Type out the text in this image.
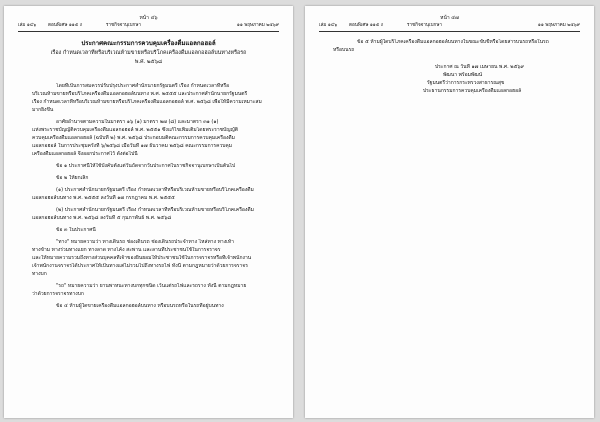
หน้า ๔๖
เล่ม ๑๔๖	ตอนพิเศษ ๑๑๕ ง	ราชกิจจานุเบกษา	๑๑ พฤษภาคม ๒๕๖๙
ประกาศคณะกรรมการควบคุมเครื่องดื่มแอลกอฮอล์
เรื่อง กำหนดเวลาที่หรือบริเวณห้ามขายหรือบริโภคเครื่องดื่มแอลกอฮอล์บนทางหรือรถ
พ.ศ. ๒๕๖๘
โดยที่เป็นการสมควรปรับปรุงประกาศสำนักนายกรัฐมนตรี เรื่อง กำหนดเวลาที่หรือ
บริเวณห้ามขายหรือบริโภคเครื่องดื่มแอลกอฮอล์บนทาง พ.ศ. ๒๕๕๕ และประกาศสำนักนายกรัฐมนตรี
เรื่อง กำหนดเวลาที่หรือบริเวณห้ามขายหรือบริโภคเครื่องดื่มแอลกอฮอล์ พ.ศ. ๒๕๖๘ เพื่อให้มีความเหมาะสม
มากยิ่งขึ้น
อาศัยอำนาจตามความในมาตรา ๑๖ (๑) มาตรา ๒๗ (๘) และมาตรา ๓๑ (๑)
แห่งพระราชบัญญัติควบคุมเครื่องดื่มแอลกอฮอล์ พ.ศ. ๒๕๕๑ ซึ่งแก้ไขเพิ่มเติมโดยพระราชบัญญัติ
ควบคุมเครื่องดื่มแอลกอฮอล์ (ฉบับที่ ๒) พ.ศ. ๒๕๖๘ ประกอบมติคณะกรรมการควบคุมเครื่องดื่ม
แอลกอฮอล์ ในการประชุมครั้งที่ ๖/๒๕๖๘ เมื่อวันที่ ๑๗ ธันวาคม ๒๕๖๘ คณะกรรมการควบคุม
เครื่องดื่มแอลกอฮอล์ จึงออกประกาศไว้ ดังต่อไปนี้
ข้อ ๑ ประกาศนี้ให้ใช้บังคับตั้งแต่วันถัดจากวันประกาศในราชกิจจานุเบกษาเป็นต้นไป
ข้อ ๒ ให้ยกเลิก
(๑) ประกาศสำนักนายกรัฐมนตรี เรื่อง กำหนดเวลาที่หรือบริเวณห้ามขายหรือบริโภคเครื่องดื่ม
แอลกอฮอล์บนทาง พ.ศ. ๒๕๕๕ ลงวันที่ ๑๗ กรกฎาคม พ.ศ. ๒๕๕๕
(๒) ประกาศสำนักนายกรัฐมนตรี เรื่อง กำหนดเวลาที่หรือบริเวณห้ามขายหรือบริโภคเครื่องดื่ม
แอลกอฮอล์บนทาง พ.ศ. ๒๕๖๘ ลงวันที่ ๕ กุมภาพันธ์ พ.ศ. ๒๕๖๘
ข้อ ๓ ในประกาศนี้
"ทาง" หมายความว่า ทางเดินรถ ช่องเดินรถ ช่องเดินรถประจำทาง ไหล่ทาง ทางเท้า
ทางข้าม ทางร่วมทางแยก ทางลาด ทางโค้ง สะพาน และลานที่ประชาชนใช้ในการจราจร
และให้หมายความรวมถึงทางส่วนบุคคลที่เจ้าของยินยอมให้ประชาชนใช้ในการจราจรหรือที่เจ้าพนักงาน
เจ้าพนักงานจราจรได้ประกาศให้เป็นทางแต่ไม่รวมไปถึงทางรถไฟ ทั้งนี้ ตามกฎหมายว่าด้วยการจราจร
ทางบก
"รถ" หมายความว่า ยานพาหนะทางบกทุกชนิด เว้นแต่รถไฟและรถราง ทั้งนี้ ตามกฎหมาย
ว่าด้วยการจราจรทางบก
ข้อ ๔ ห้ามผู้ใดขายเครื่องดื่มแอลกอฮอล์บนทาง หรือบนรถหรือในรถที่อยู่บนทาง
หน้า ๔๗
เล่ม ๑๔๖	ตอนพิเศษ ๑๑๕ ง	ราชกิจจานุเบกษา	๑๑ พฤษภาคม ๒๕๖๙
ข้อ ๕ ห้ามผู้ใดบริโภคเครื่องดื่มแอลกอฮอล์บนทางในขณะขับขี่หรือโดยสารบนรถหรือในรถ
หรือบนรถ
ประกาศ ณ วันที่ ๑๗ เมษายน พ.ศ. ๒๕๖๙
พัฒนา พร้อมพัฒน์
รัฐมนตรีว่าการกระทรวงสาธารณสุข
ประธานกรรมการควบคุมเครื่องดื่มแอลกอฮอล์
